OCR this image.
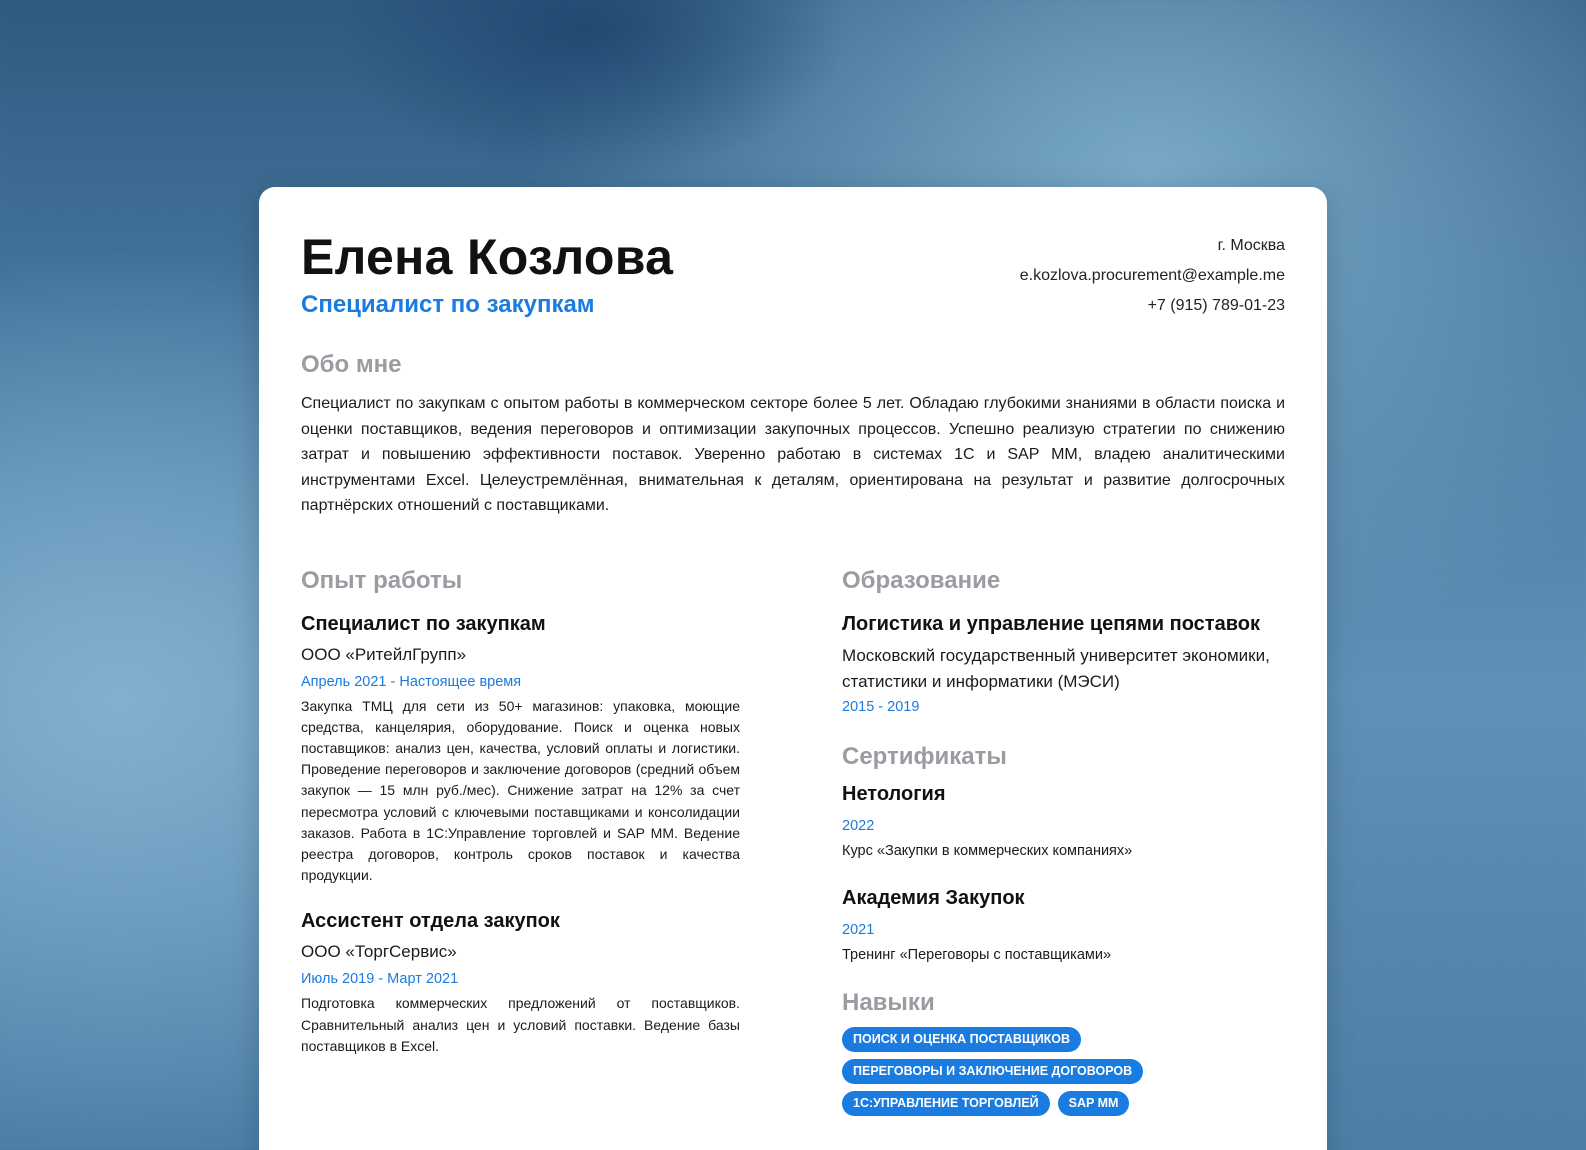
Елена Козлова
Специалист по закупкам
г. Москва
e.kozlova.procurement@example.me
+7 (915) 789-01-23
Обо мне
Специалист по закупкам с опытом работы в коммерческом секторе более 5 лет. Обладаю глубокими знаниями в области поиска и оценки поставщиков, ведения переговоров и оптимизации закупочных процессов. Успешно реализую стратегии по снижению затрат и повышению эффективности поставок. Уверенно работаю в системах 1С и SAP MM, владею аналитическими инструментами Excel. Целеустремлённая, внимательная к деталям, ориентирована на результат и развитие долгосрочных партнёрских отношений с поставщиками.
Опыт работы
Специалист по закупкам
ООО «РитейлГрупп»
Апрель 2021 - Настоящее время
Закупка ТМЦ для сети из 50+ магазинов: упаковка, моющие средства, канцелярия, оборудование. Поиск и оценка новых поставщиков: анализ цен, качества, условий оплаты и логистики. Проведение переговоров и заключение договоров (средний объем закупок — 15 млн руб./мес). Снижение затрат на 12% за счет пересмотра условий с ключевыми поставщиками и консолидации заказов. Работа в 1С:Управление торговлей и SAP MM. Ведение реестра договоров, контроль сроков поставок и качества продукции.
Ассистент отдела закупок
ООО «ТоргСервис»
Июль 2019 - Март 2021
Подготовка коммерческих предложений от поставщиков. Сравнительный анализ цен и условий поставки. Ведение базы поставщиков в Excel.
Образование
Логистика и управление цепями поставок
Московский государственный университет экономики, статистики и информатики (МЭСИ)
2015 - 2019
Сертификаты
Нетология
2022
Курс «Закупки в коммерческих компаниях»
Академия Закупок
2021
Тренинг «Переговоры с поставщиками»
Навыки
ПОИСК И ОЦЕНКА ПОСТАВЩИКОВ
ПЕРЕГОВОРЫ И ЗАКЛЮЧЕНИЕ ДОГОВОРОВ
1С:УПРАВЛЕНИЕ ТОРГОВЛЕЙ	SAP MM
